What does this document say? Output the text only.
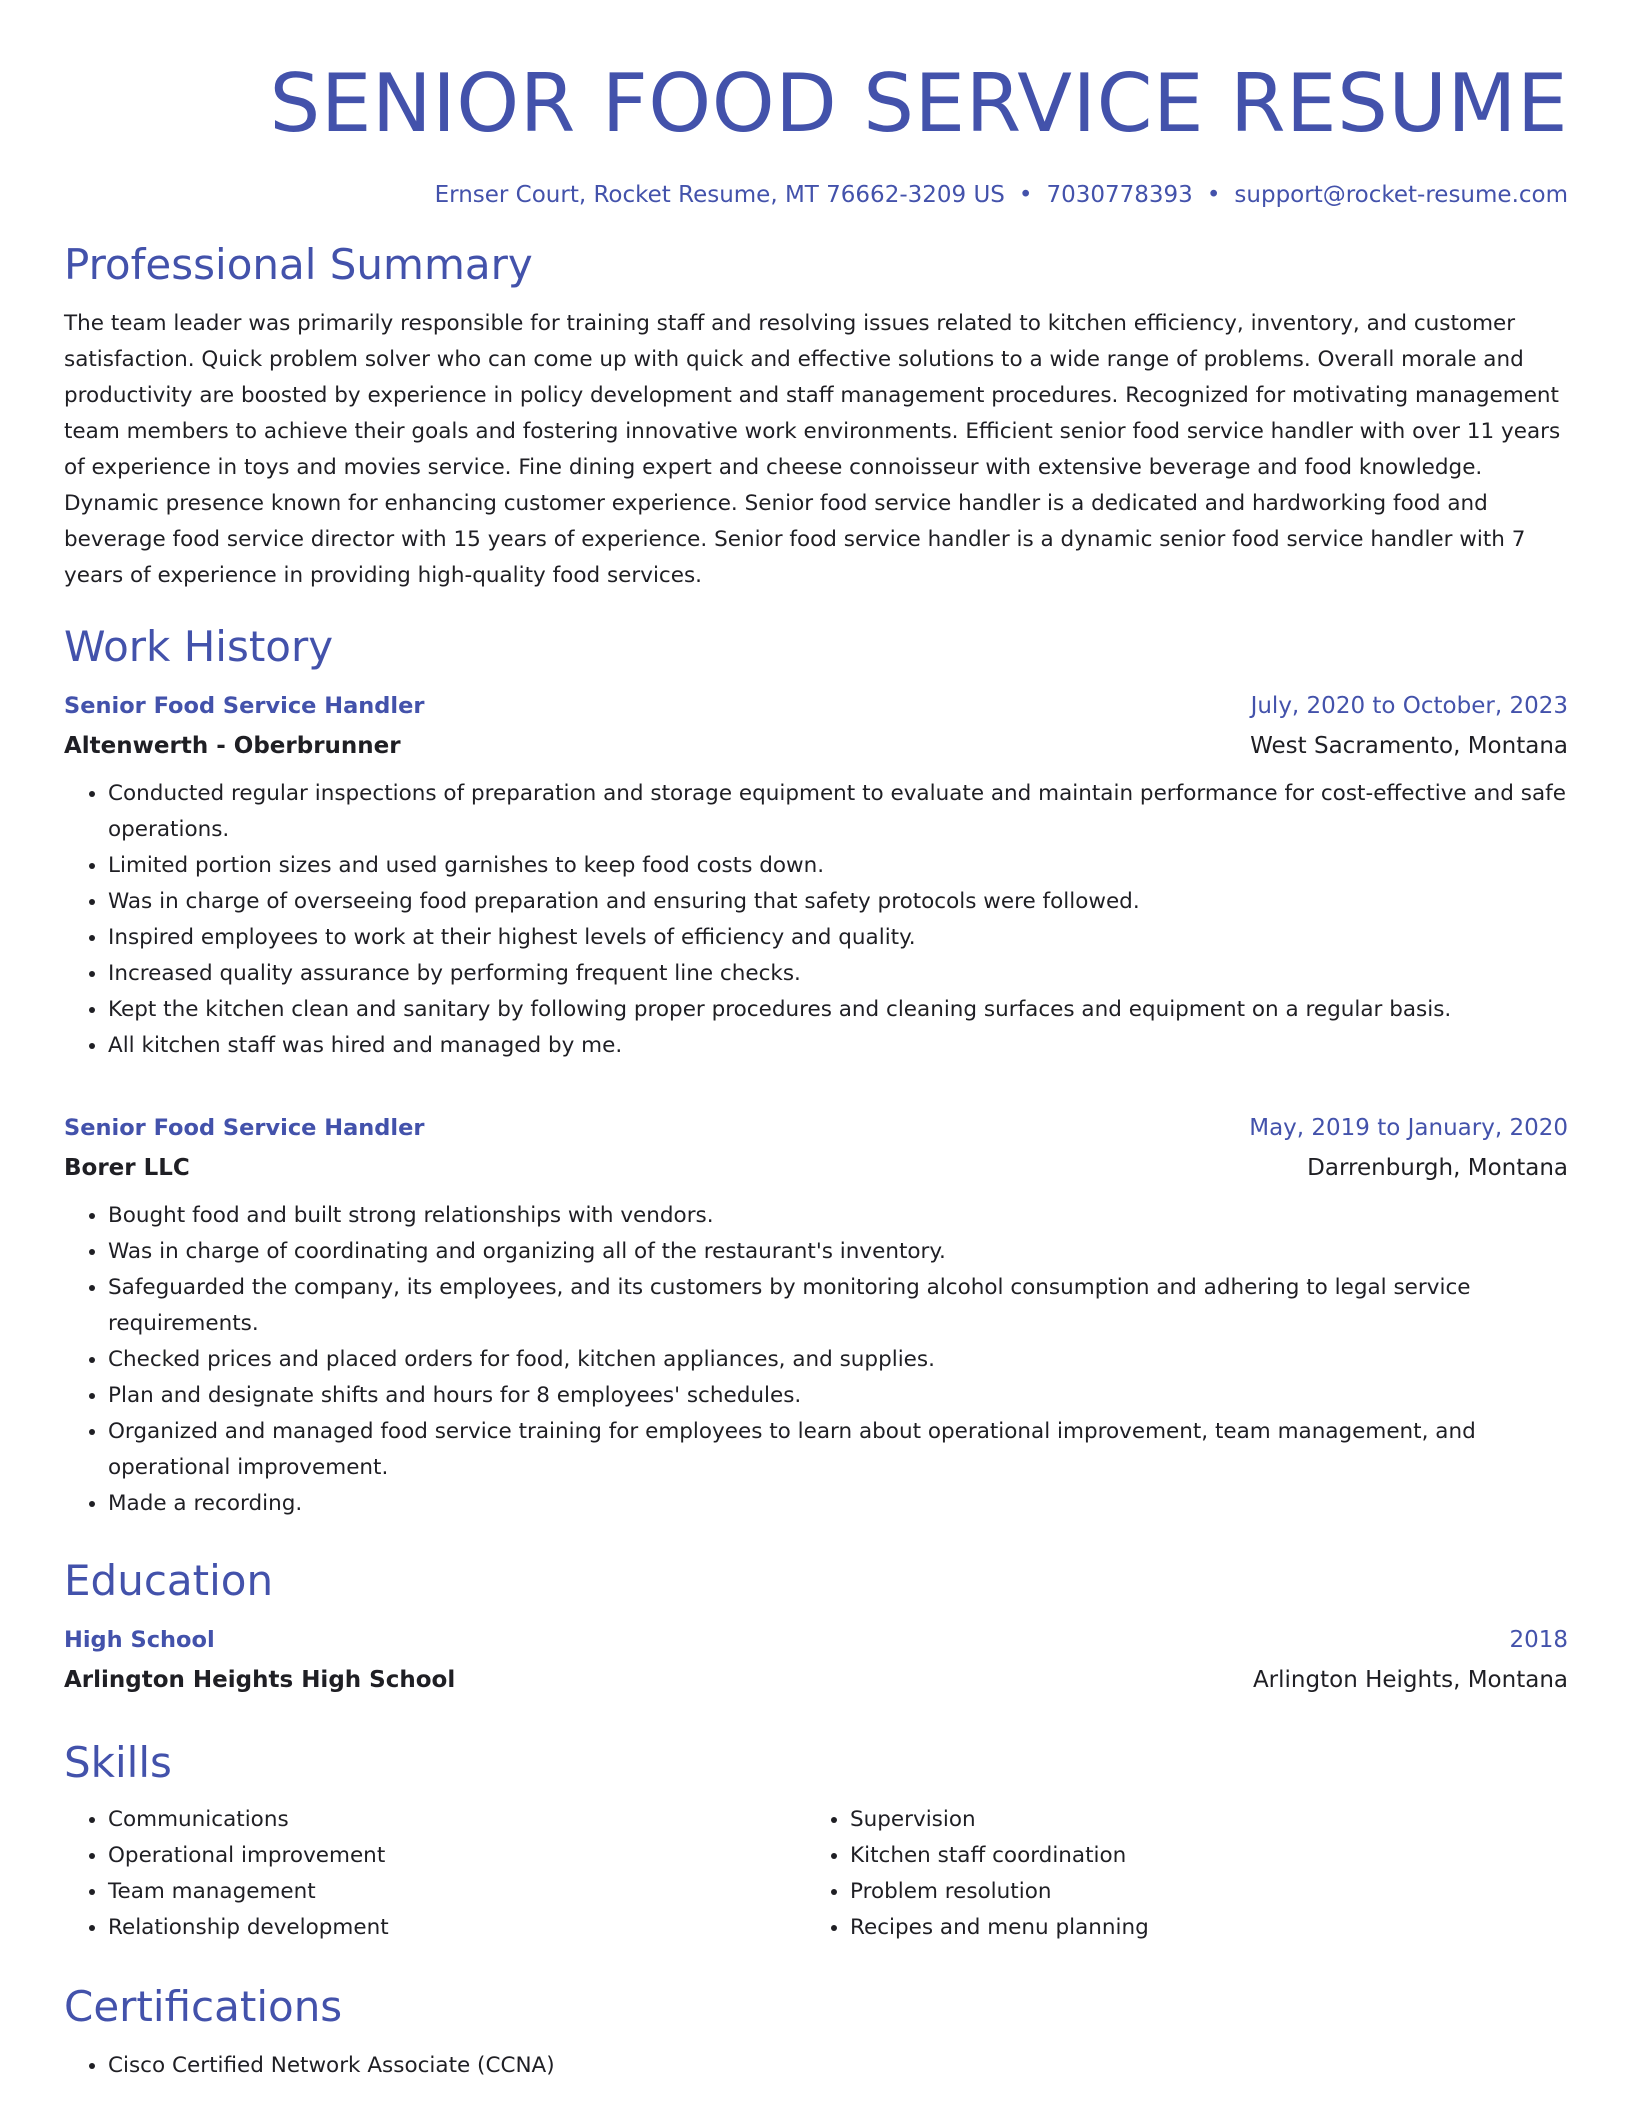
SENIOR FOOD SERVICE RESUME
Ernser Court, Rocket Resume, MT 76662-3209 US • 7030778393 • support@rocket-resume.com
Professional Summary
The team leader was primarily responsible for training staff and resolving issues related to kitchen efficiency, inventory, and customer satisfaction. Quick problem solver who can come up with quick and effective solutions to a wide range of problems. Overall morale and productivity are boosted by experience in policy development and staff management procedures. Recognized for motivating management team members to achieve their goals and fostering innovative work environments. Efficient senior food service handler with over 11 years of experience in toys and movies service. Fine dining expert and cheese connoisseur with extensive beverage and food knowledge. Dynamic presence known for enhancing customer experience. Senior food service handler is a dedicated and hardworking food and beverage food service director with 15 years of experience. Senior food service handler is a dynamic senior food service handler with 7 years of experience in providing high-quality food services.
Work History
Senior Food Service Handler	July, 2020 to October, 2023
Altenwerth - Oberbrunner	West Sacramento, Montana
• Conducted regular inspections of preparation and storage equipment to evaluate and maintain performance for cost-effective and safe operations.
• Limited portion sizes and used garnishes to keep food costs down.
• Was in charge of overseeing food preparation and ensuring that safety protocols were followed.
• Inspired employees to work at their highest levels of efficiency and quality.
• Increased quality assurance by performing frequent line checks.
• Kept the kitchen clean and sanitary by following proper procedures and cleaning surfaces and equipment on a regular basis.
• All kitchen staff was hired and managed by me.
Senior Food Service Handler	May, 2019 to January, 2020
Borer LLC	Darrenburgh, Montana
• Bought food and built strong relationships with vendors.
• Was in charge of coordinating and organizing all of the restaurant's inventory.
• Safeguarded the company, its employees, and its customers by monitoring alcohol consumption and adhering to legal service requirements.
• Checked prices and placed orders for food, kitchen appliances, and supplies.
• Plan and designate shifts and hours for 8 employees' schedules.
• Organized and managed food service training for employees to learn about operational improvement, team management, and operational improvement.
• Made a recording.
Education
High School	2018
Arlington Heights High School	Arlington Heights, Montana
Skills
• Communications
• Operational improvement
• Team management
• Relationship development
• Supervision
• Kitchen staff coordination
• Problem resolution
• Recipes and menu planning
Certifications
• Cisco Certified Network Associate (CCNA)
